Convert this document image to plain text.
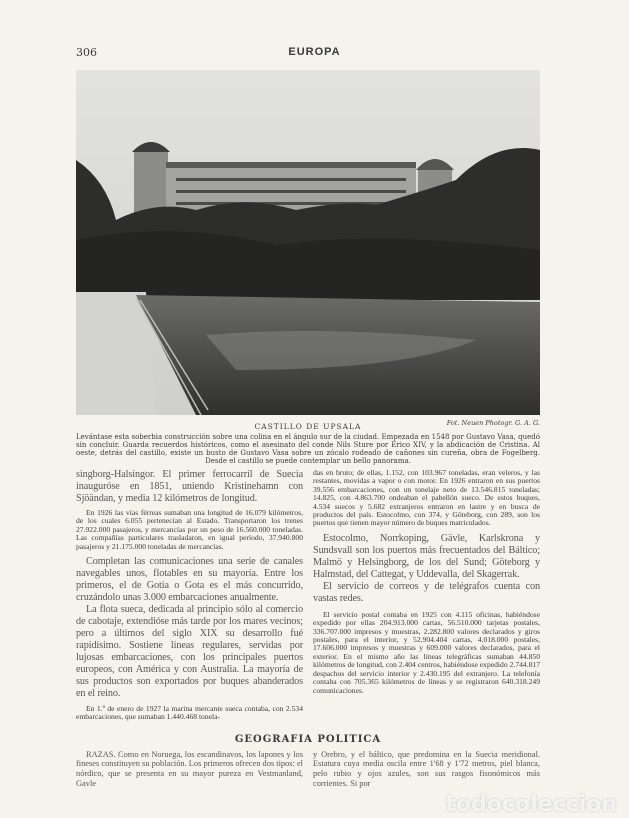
306	EUROPA
CASTILLO DE UPSALA	Fot. Neuen Photogr. G. A. G.
Levántase esta soberbia construcción sobre una colina en el ángulo sur de la ciudad. Empezada en 1548 por Gustavo Vasa, quedó sin concluir. Guarda recuerdos históricos, como el asesinato del conde Nils Sture por Erico XIV, y la abdicación de Cristina. Al oeste, detrás del castillo, existe un busto de Gustavo Vasa sobre un zócalo rodeado de cañones sin cureña, obra de Fogelberg. Desde el castillo se puede contemplar un bello panorama.

singborg-Halsingor. El primer ferrocarril de Suecia inauguróse en 1851, uniendo Kristinehamn con Sjöändan, y media 12 kilómetros de longitud.

En 1926 las vías férreas sumaban una longitud de 16.079 kilómetros, de los cuales 6.055 pertenecían al Estado. Transportaron los trenes 27.922.000 pasajeros, y mercancías por un peso de 16.560.000 toneladas. Las compañías particulares trasladaron, en igual período, 37.940.800 pasajeros y 21.175.000 toneladas de mercancías.

Completan las comunicaciones una serie de canales navegables unos, flotables en su mayoría. Entre los primeros, el de Gotia o Gota es el más concurrido, cruzándolo unas 3.000 embarcaciones anualmente.

La flota sueca, dedicada al principio sólo al comercio de cabotaje, extendióse más tarde por los mares vecinos; pero a últimos del siglo XIX su desarrollo fué rapidísimo. Sostiene líneas regulares, servidas por lujosas embarcaciones, con los principales puertos europeos, con América y con Australia. La mayoría de sus productos son exportados por buques abanderados en el reino.

En 1.º de enero de 1927 la marina mercante sueca contaba, con 2.534 embarcaciones, que sumaban 1.440.468 tonela-

das en bruto; de ellas, 1.152, con 103.967 toneladas, eran veleros, y las restantes, movidas a vapor o con motor. En 1926 entraron en sus puertos 39.556 embarcaciones, con un tonelaje neto de 13.546.815 toneladas; 14.825, con 4.863.700 ondeaban el pabellón sueco. De estos buques, 4.534 suecos y 5.682 extranjeros entraron en lastre y en busca de productos del país. Estocolmo, con 374, y Göteborg, con 289, son los puertos que tienen mayor número de buques matriculados.

Estocolmo, Norrkoping, Gävle, Karlskrona y Sundsvall son los puertos más frecuentados del Báltico; Malmö y Helsingborg, de los del Sund; Göteborg y Halmstad, del Cattegat, y Uddevalla, del Skagerrak.

El servicio de correos y de telégrafos cuenta con vastas redes.

El servicio postal contaba en 1925 con 4.115 oficinas, habiéndose expedido por ellas 204.913.000 cartas, 56.510.000 tarjetas postales, 336.707.000 impresos y muestras, 2.282.800 valores declarados y giros postales, para el interior, y 52.904.404 cartas, 4.018.000 postales, 17.606.000 impresos y muestras y 609.000 valores declarados, para el exterior. En el mismo año las líneas telegráficas sumaban 44.850 kilómetros de longitud, con 2.404 centros, habiéndose expedido 2.744.817 despachos del servicio interior y 2.430.195 del extranjero. La telefonía contaba con 705.365 kilómetros de líneas y se registraron 640.318.249 comunicaciones.

GEOGRAFIA POLITICA
RAZAS. Como en Noruega, los escandinavos, los lapones y los fineses constituyen su población. Los primeros ofrecen dos tipos: el nórdico, que se presenta en su mayor pureza en Vestmanland, Gavle
y Orebro, y el báltico, que predomina en la Suecia meridional. Estatura cuya media oscila entre 1'68 y 1'72 metros, piel blanca, pelo rubio y ojos azules, son sus rasgos fisonómicos más corrientes. Si por
todocoleccion
